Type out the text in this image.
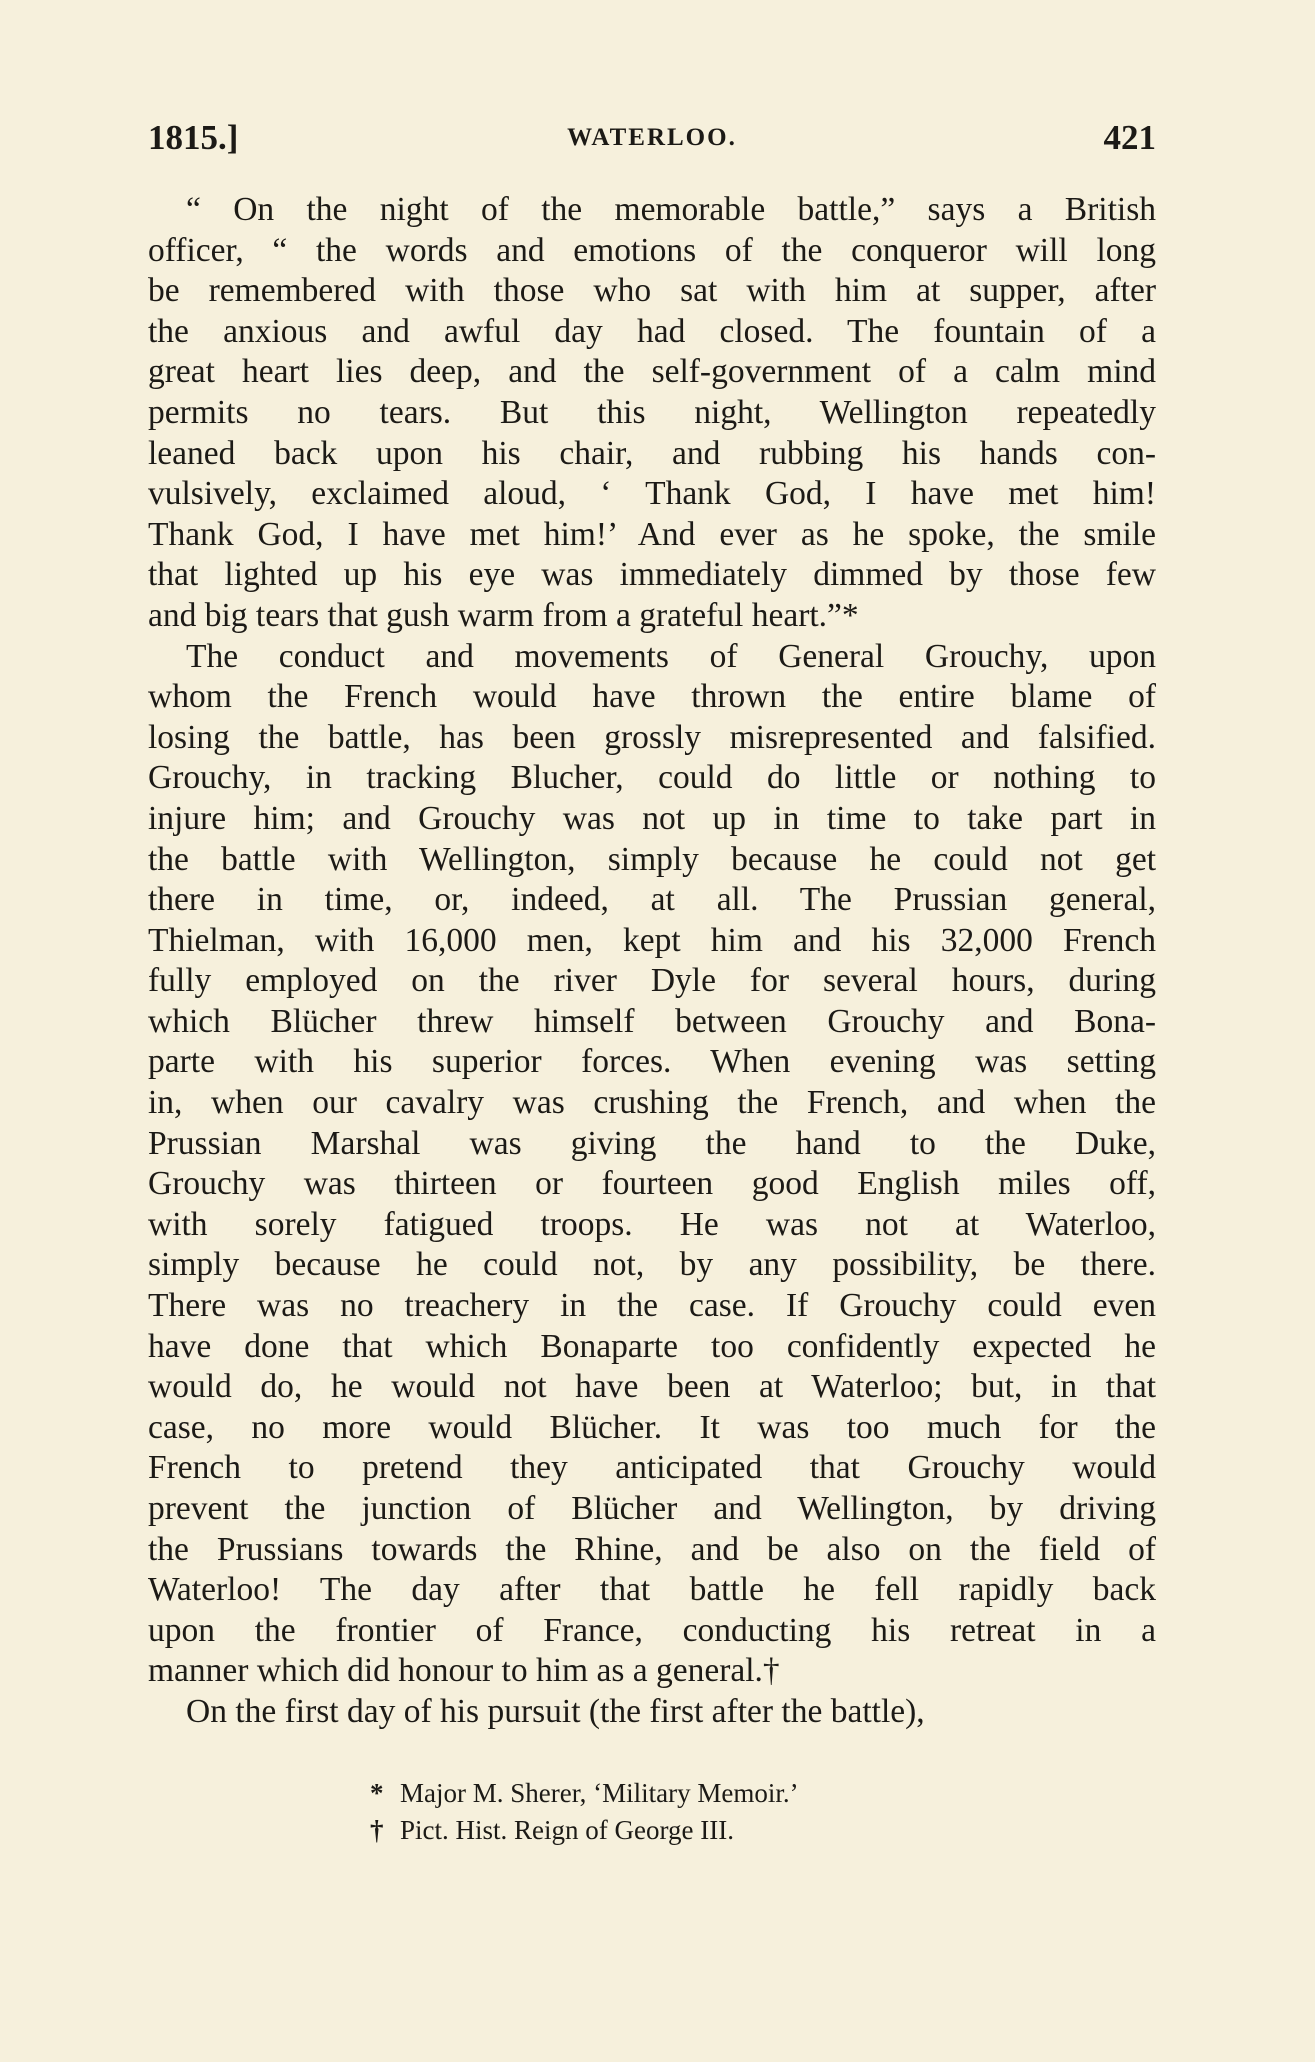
1815.]	WATERLOO.	421
“ On the night of the memorable battle,” says a British
officer, “ the words and emotions of the conqueror will long
be remembered with those who sat with him at supper, after
the anxious and awful day had closed. The fountain of a
great heart lies deep, and the self-government of a calm mind
permits no tears. But this night, Wellington repeatedly
leaned back upon his chair, and rubbing his hands con-
vulsively, exclaimed aloud, ‘ Thank God, I have met him!
Thank God, I have met him!’ And ever as he spoke, the smile
that lighted up his eye was immediately dimmed by those few
and big tears that gush warm from a grateful heart.”*
The conduct and movements of General Grouchy, upon
whom the French would have thrown the entire blame of
losing the battle, has been grossly misrepresented and falsified.
Grouchy, in tracking Blucher, could do little or nothing to
injure him; and Grouchy was not up in time to take part in
the battle with Wellington, simply because he could not get
there in time, or, indeed, at all. The Prussian general,
Thielman, with 16,000 men, kept him and his 32,000 French
fully employed on the river Dyle for several hours, during
which Blücher threw himself between Grouchy and Bona-
parte with his superior forces. When evening was setting
in, when our cavalry was crushing the French, and when the
Prussian Marshal was giving the hand to the Duke,
Grouchy was thirteen or fourteen good English miles off,
with sorely fatigued troops. He was not at Waterloo,
simply because he could not, by any possibility, be there.
There was no treachery in the case. If Grouchy could even
have done that which Bonaparte too confidently expected he
would do, he would not have been at Waterloo; but, in that
case, no more would Blücher. It was too much for the
French to pretend they anticipated that Grouchy would
prevent the junction of Blücher and Wellington, by driving
the Prussians towards the Rhine, and be also on the field of
Waterloo! The day after that battle he fell rapidly back
upon the frontier of France, conducting his retreat in a
manner which did honour to him as a general.†
On the first day of his pursuit (the first after the battle),
* Major M. Sherer, ‘Military Memoir.’
† Pict. Hist. Reign of George III.
